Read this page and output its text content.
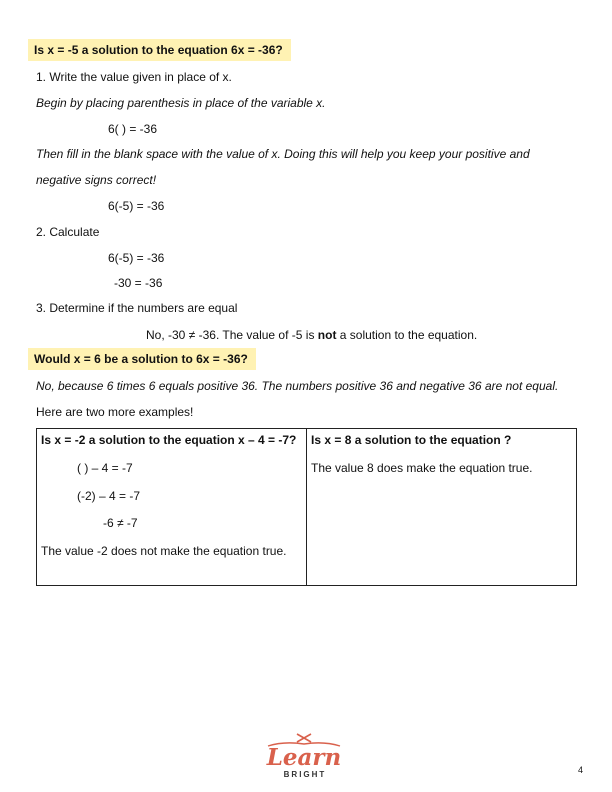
Is x = -5 a solution to the equation 6x = -36?
1. Write the value given in place of x.
Begin by placing parenthesis in place of the variable x.
6( ) = -36
Then fill in the blank space with the value of x. Doing this will help you keep your positive and
negative signs correct!
6(-5) = -36
2. Calculate
6(-5) = -36
-30 = -36
3. Determine if the numbers are equal
No, -30 ≠ -36. The value of -5 is not a solution to the equation.
Would x = 6 be a solution to 6x = -36?
No, because 6 times 6 equals positive 36. The numbers positive 36 and negative 36 are not equal.
Here are two more examples!
Is x = -2 a solution to the equation x – 4 = -7?
( ) – 4 = -7
(-2) – 4 = -7
-6 ≠ -7
The value -2 does not make the equation true.

Is x = 8 a solution to the equation ?
The value 8 does make the equation true.
Learn
BRIGHT	4
